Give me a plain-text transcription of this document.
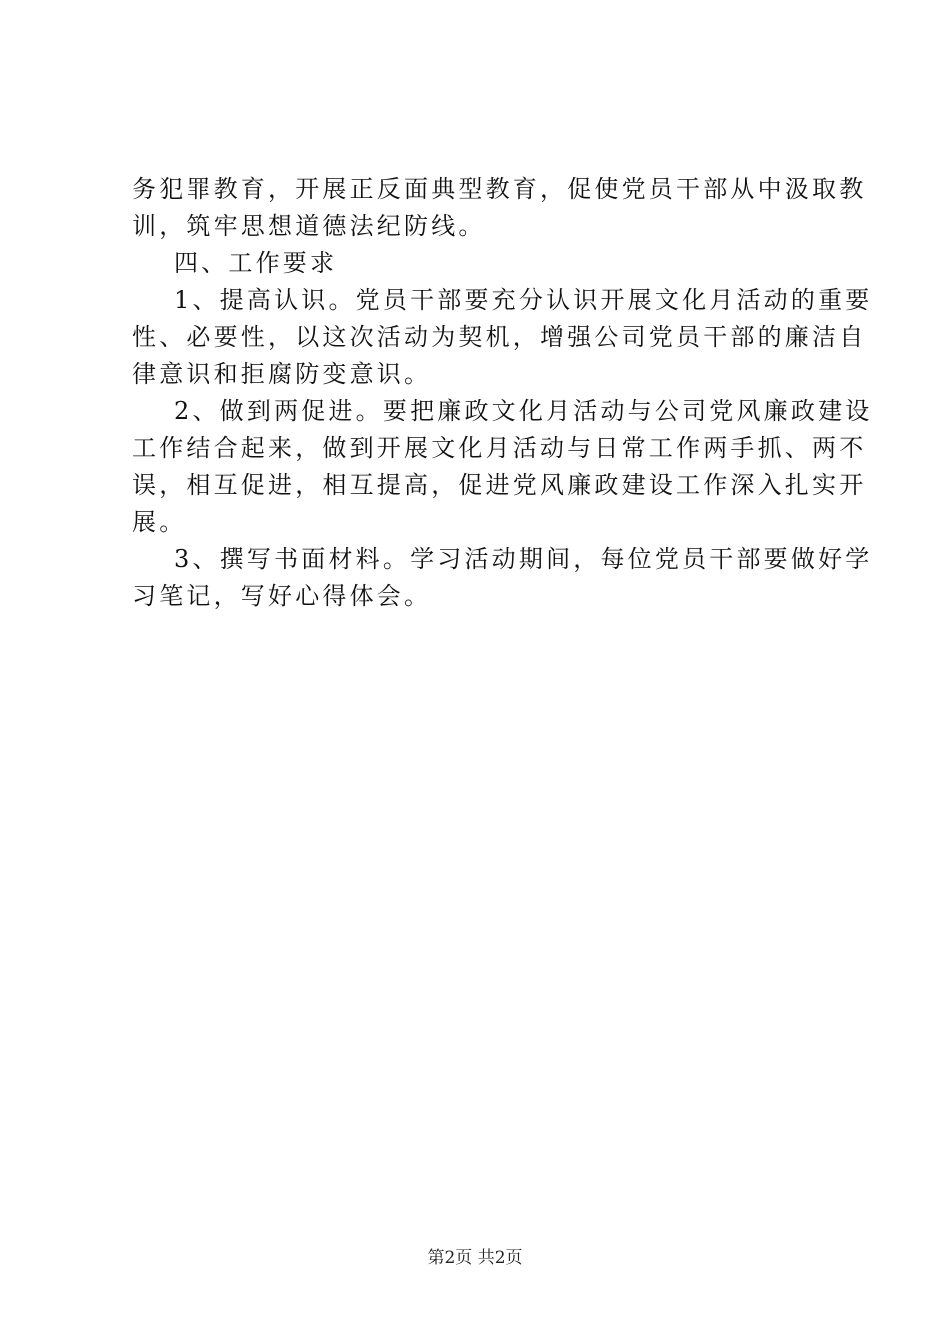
务犯罪教育，开展正反面典型教育，促使党员干部从中汲取教
训，筑牢思想道德法纪防线。
四、工作要求
1、提高认识。党员干部要充分认识开展文化月活动的重要
性、必要性，以这次活动为契机，增强公司党员干部的廉洁自
律意识和拒腐防变意识。
2、做到两促进。要把廉政文化月活动与公司党风廉政建设
工作结合起来，做到开展文化月活动与日常工作两手抓、两不
误，相互促进，相互提高，促进党风廉政建设工作深入扎实开
展。
3、撰写书面材料。学习活动期间，每位党员干部要做好学
习笔记，写好心得体会。
第2页 共2页
